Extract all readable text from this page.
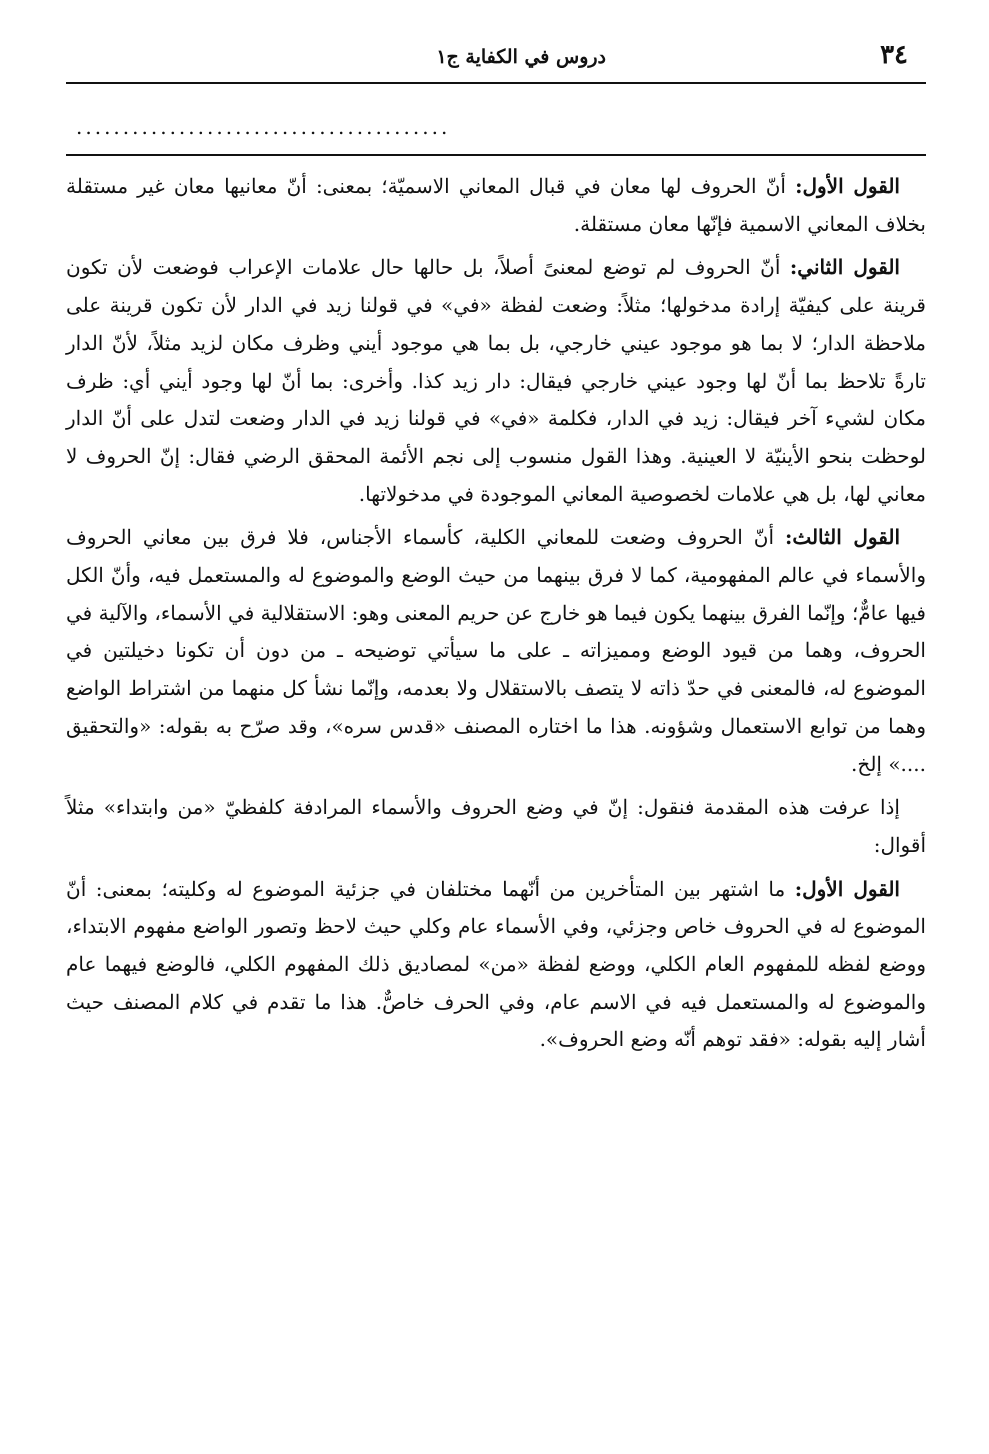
٣٤
دروس في الكفاية ج١
........................................

القول الأول: أنّ الحروف لها معان في قبال المعاني الاسميّة؛ بمعنى: أنّ معانيها معان غير مستقلة بخلاف المعاني الاسمية فإنّها معان مستقلة.

القول الثاني: أنّ الحروف لم توضع لمعنىً أصلاً، بل حالها حال علامات الإعراب فوضعت لأن تكون قرينة على كيفيّة إرادة مدخولها؛ مثلاً: وضعت لفظة «في» في قولنا زيد في الدار لأن تكون قرينة على ملاحظة الدار؛ لا بما هو موجود عيني خارجي، بل بما هي موجود أيني وظرف مكان لزيد مثلاً، لأنّ الدار تارةً تلاحظ بما أنّ لها وجود عيني خارجي فيقال: دار زيد كذا. وأخرى: بما أنّ لها وجود أيني أي: ظرف مكان لشيء آخر فيقال: زيد في الدار، فكلمة «في» في قولنا زيد في الدار وضعت لتدل على أنّ الدار لوحظت بنحو الأينيّة لا العينية. وهذا القول منسوب إلى نجم الأئمة المحقق الرضي فقال: إنّ الحروف لا معاني لها، بل هي علامات لخصوصية المعاني الموجودة في مدخولاتها.

القول الثالث: أنّ الحروف وضعت للمعاني الكلية، كأسماء الأجناس، فلا فرق بين معاني الحروف والأسماء في عالم المفهومية، كما لا فرق بينهما من حيث الوضع والموضوع له والمستعمل فيه، وأنّ الكل فيها عامٌّ؛ وإنّما الفرق بينهما يكون فيما هو خارج عن حريم المعنى وهو: الاستقلالية في الأسماء، والآلية في الحروف، وهما من قيود الوضع ومميزاته ـ على ما سيأتي توضيحه ـ من دون أن تكونا دخيلتين في الموضوع له، فالمعنى في حدّ ذاته لا يتصف بالاستقلال ولا بعدمه، وإنّما نشأ كل منهما من اشتراط الواضع وهما من توابع الاستعمال وشؤونه. هذا ما اختاره المصنف «قدس سره»، وقد صرّح به بقوله: «والتحقيق ....» إلخ.

إذا عرفت هذه المقدمة فنقول: إنّ في وضع الحروف والأسماء المرادفة كلفظيّ «من وابتداء» مثلاً أقوال:

القول الأول: ما اشتهر بين المتأخرين من أنّهما مختلفان في جزئية الموضوع له وكليته؛ بمعنى: أنّ الموضوع له في الحروف خاص وجزئي، وفي الأسماء عام وكلي حيث لاحظ وتصور الواضع مفهوم الابتداء، ووضع لفظه للمفهوم العام الكلي، ووضع لفظة «من» لمصاديق ذلك المفهوم الكلي، فالوضع فيهما عام والموضوع له والمستعمل فيه في الاسم عام، وفي الحرف خاصٌّ. هذا ما تقدم في كلام المصنف حيث أشار إليه بقوله: «فقد توهم أنّه وضع الحروف».
